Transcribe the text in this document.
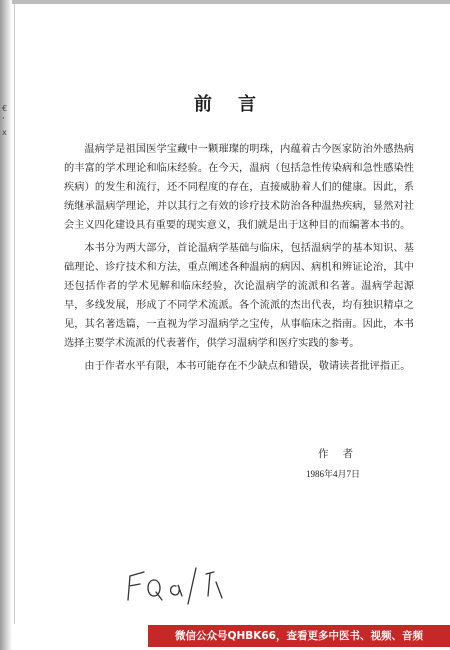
€
‘
x
前言

温病学是祖国医学宝藏中一颗璀璨的明珠，内蕴着古今医家防治外感热病的丰富的学术理论和临床经验。在今天，温病（包括急性传染病和急性感染性疾病）的发生和流行，还不同程度的存在，直接威胁着人们的健康。因此，系统继承温病学理论，并以其行之有效的诊疗技术防治各种温热疾病，显然对社会主义四化建设具有重要的现实意义，我们就是出于这种目的而编著本书的。

本书分为两大部分，首论温病学基础与临床，包括温病学的基本知识、基础理论、诊疗技术和方法，重点阐述各种温病的病因、病机和辨证论治，其中还包括作者的学术见解和临床经验，次论温病学的流派和名著。温病学起源早，多线发展，形成了不同学术流派。各个流派的杰出代表，均有独识精卓之见，其名著迭篇，一直视为学习温病学之宝传，从事临床之指南。因此，本书选择主要学术流派的代表著作，供学习温病学和医疗实践的参考。

由于作者水平有限，本书可能存在不少缺点和错误，敬请读者批评指正。

作者
1986年4月7日
微信公众号QHBK66，查看更多中医书、视频、音频
